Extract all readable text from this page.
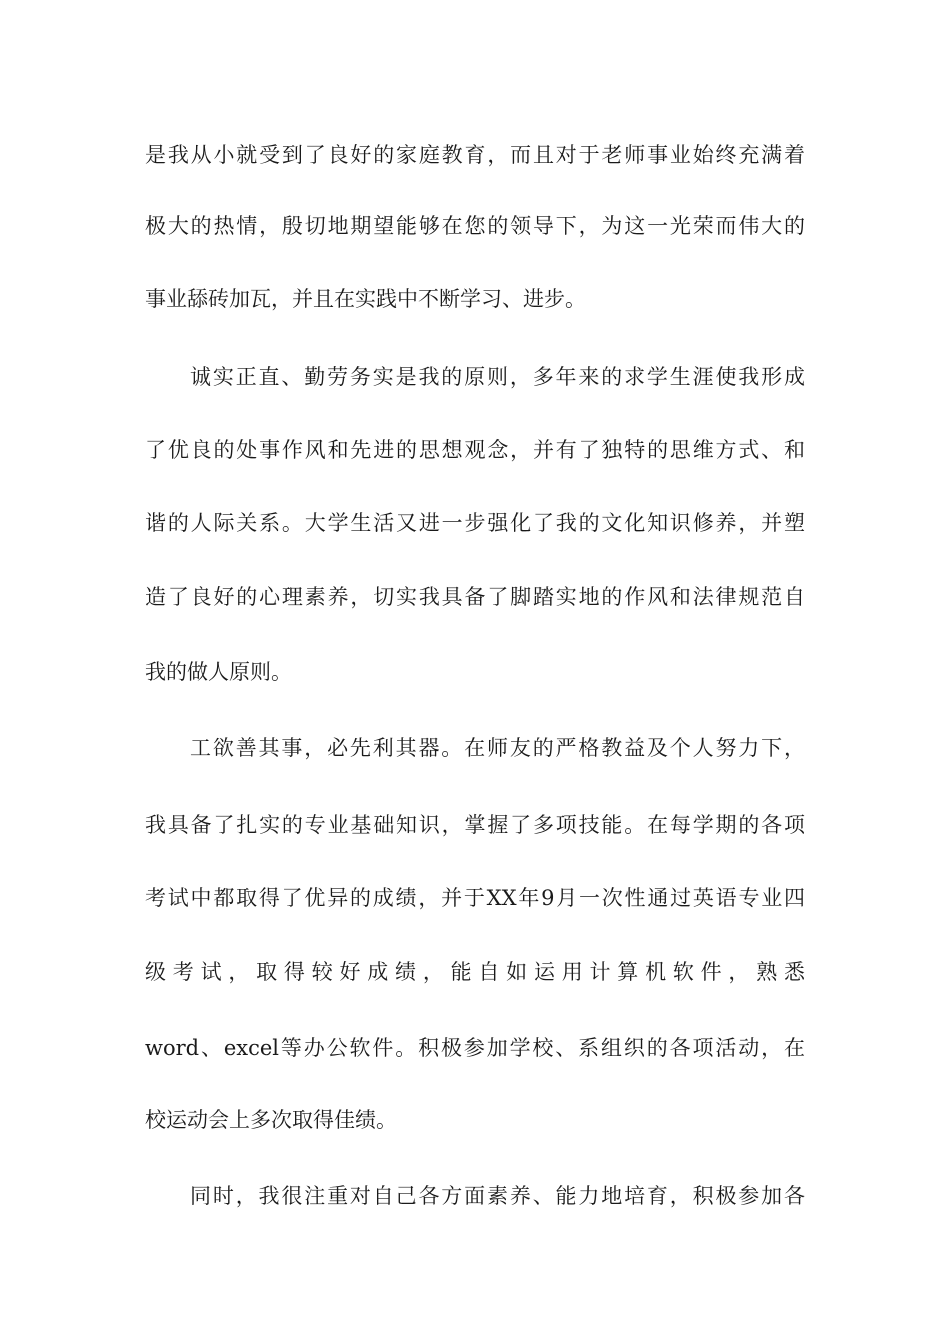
是我从小就受到了良好的家庭教育，而且对于老师事业始终充满着
极大的热情，殷切地期望能够在您的领导下，为这一光荣而伟大的
事业舔砖加瓦，并且在实践中不断学习、进步。
诚实正直、勤劳务实是我的原则，多年来的求学生涯使我形成
了优良的处事作风和先进的思想观念，并有了独特的思维方式、和
谐的人际关系。大学生活又进一步强化了我的文化知识修养，并塑
造了良好的心理素养，切实我具备了脚踏实地的作风和法律规范自
我的做人原则。
工欲善其事，必先利其器。在师友的严格教益及个人努力下，
我具备了扎实的专业基础知识，掌握了多项技能。在每学期的各项
考试中都取得了优异的成绩，并于XX年9月一次性通过英语专业四
级考试，取得较好成绩，能自如运用计算机软件，熟悉
word、excel等办公软件。积极参加学校、系组织的各项活动，在
校运动会上多次取得佳绩。
同时，我很注重对自己各方面素养、能力地培育，积极参加各
